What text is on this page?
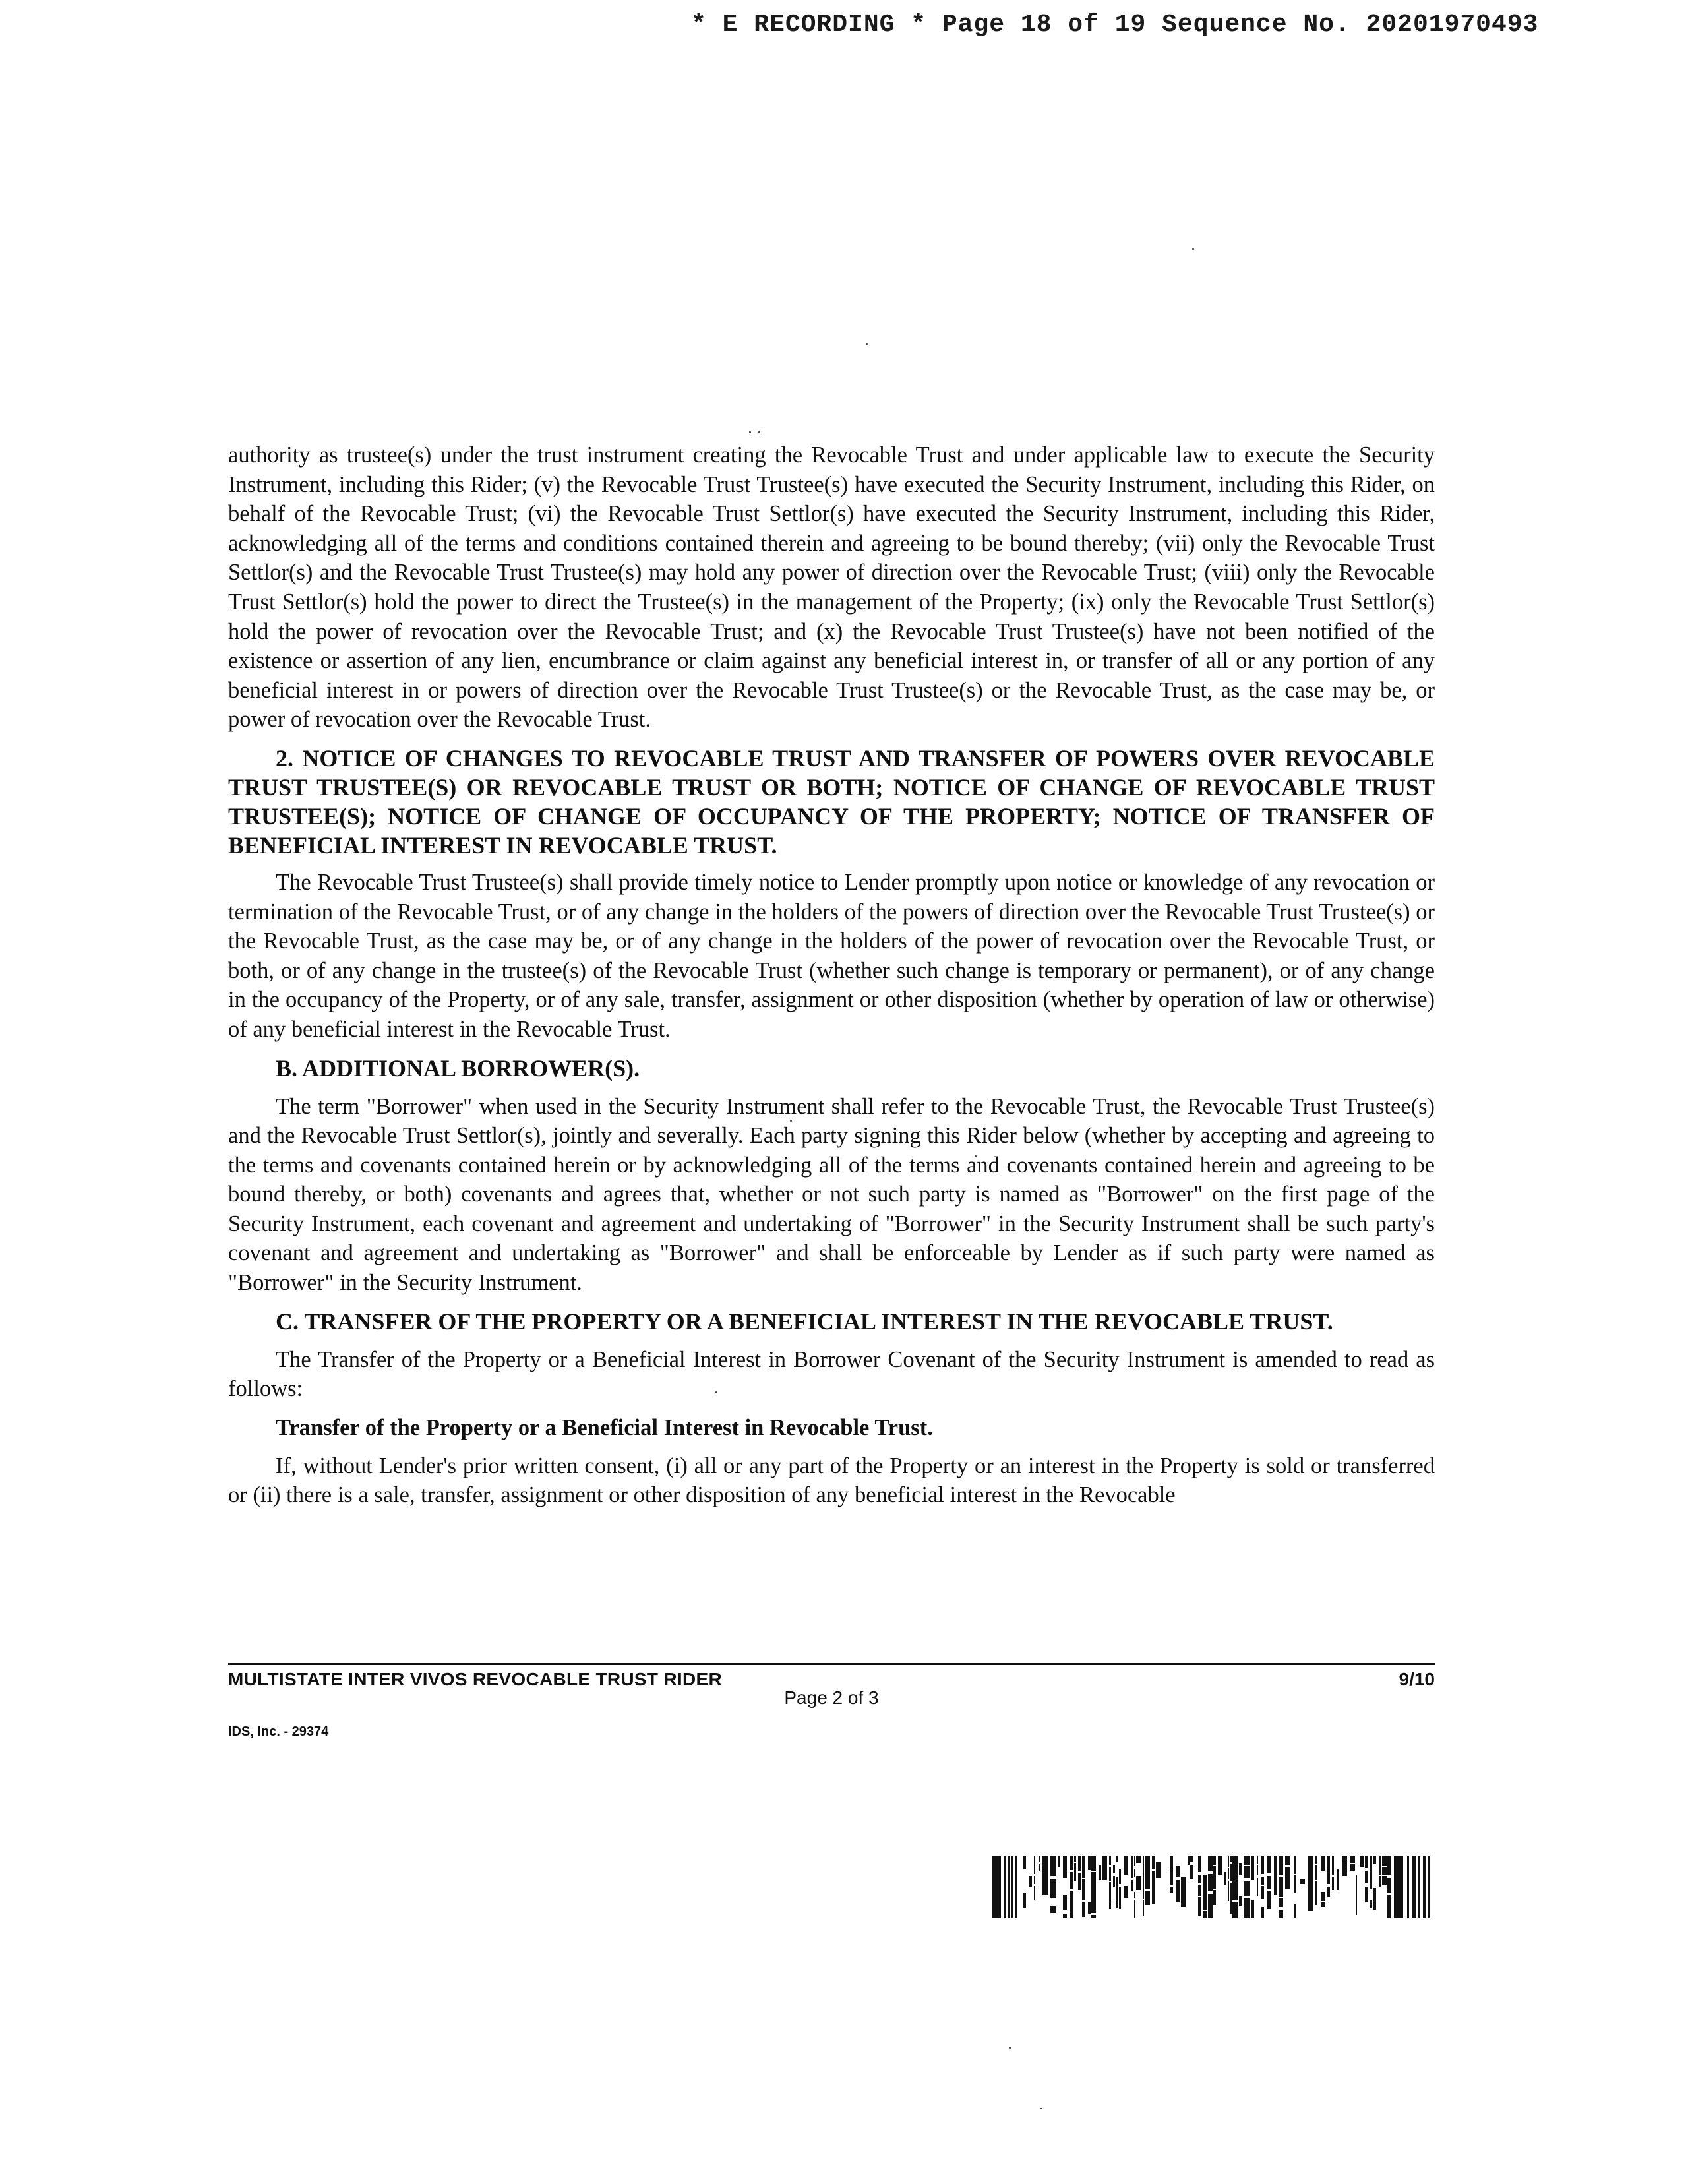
* E RECORDING * Page 18 of 19 Sequence No. 20201970493

authority as trustee(s) under the trust instrument creating the Revocable Trust and under applicable law to execute the Security Instrument, including this Rider; (v) the Revocable Trust Trustee(s) have executed the Security Instrument, including this Rider, on behalf of the Revocable Trust; (vi) the Revocable Trust Settlor(s) have executed the Security Instrument, including this Rider, acknowledging all of the terms and conditions contained therein and agreeing to be bound thereby; (vii) only the Revocable Trust Settlor(s) and the Revocable Trust Trustee(s) may hold any power of direction over the Revocable Trust; (viii) only the Revocable Trust Settlor(s) hold the power to direct the Trustee(s) in the management of the Property; (ix) only the Revocable Trust Settlor(s) hold the power of revocation over the Revocable Trust; and (x) the Revocable Trust Trustee(s) have not been notified of the existence or assertion of any lien, encumbrance or claim against any beneficial interest in, or transfer of all or any portion of any beneficial interest in or powers of direction over the Revocable Trust Trustee(s) or the Revocable Trust, as the case may be, or power of revocation over the Revocable Trust.

2. NOTICE OF CHANGES TO REVOCABLE TRUST AND TRANSFER OF POWERS OVER REVOCABLE TRUST TRUSTEE(S) OR REVOCABLE TRUST OR BOTH; NOTICE OF CHANGE OF REVOCABLE TRUST TRUSTEE(S); NOTICE OF CHANGE OF OCCUPANCY OF THE PROPERTY; NOTICE OF TRANSFER OF BENEFICIAL INTEREST IN REVOCABLE TRUST.

The Revocable Trust Trustee(s) shall provide timely notice to Lender promptly upon notice or knowledge of any revocation or termination of the Revocable Trust, or of any change in the holders of the powers of direction over the Revocable Trust Trustee(s) or the Revocable Trust, as the case may be, or of any change in the holders of the power of revocation over the Revocable Trust, or both, or of any change in the trustee(s) of the Revocable Trust (whether such change is temporary or permanent), or of any change in the occupancy of the Property, or of any sale, transfer, assignment or other disposition (whether by operation of law or otherwise) of any beneficial interest in the Revocable Trust.

B. ADDITIONAL BORROWER(S).

The term "Borrower" when used in the Security Instrument shall refer to the Revocable Trust, the Revocable Trust Trustee(s) and the Revocable Trust Settlor(s), jointly and severally. Each party signing this Rider below (whether by accepting and agreeing to the terms and covenants contained herein or by acknowledging all of the terms and covenants contained herein and agreeing to be bound thereby, or both) covenants and agrees that, whether or not such party is named as "Borrower" on the first page of the Security Instrument, each covenant and agreement and undertaking of "Borrower" in the Security Instrument shall be such party's covenant and agreement and undertaking as "Borrower" and shall be enforceable by Lender as if such party were named as "Borrower" in the Security Instrument.

C. TRANSFER OF THE PROPERTY OR A BENEFICIAL INTEREST IN THE REVOCABLE TRUST.

The Transfer of the Property or a Beneficial Interest in Borrower Covenant of the Security Instrument is amended to read as follows:

Transfer of the Property or a Beneficial Interest in Revocable Trust.

If, without Lender's prior written consent, (i) all or any part of the Property or an interest in the Property is sold or transferred or (ii) there is a sale, transfer, assignment or other disposition of any beneficial interest in the Revocable

MULTISTATE INTER VIVOS REVOCABLE TRUST RIDER	9/10
Page 2 of 3
IDS, Inc. - 29374
